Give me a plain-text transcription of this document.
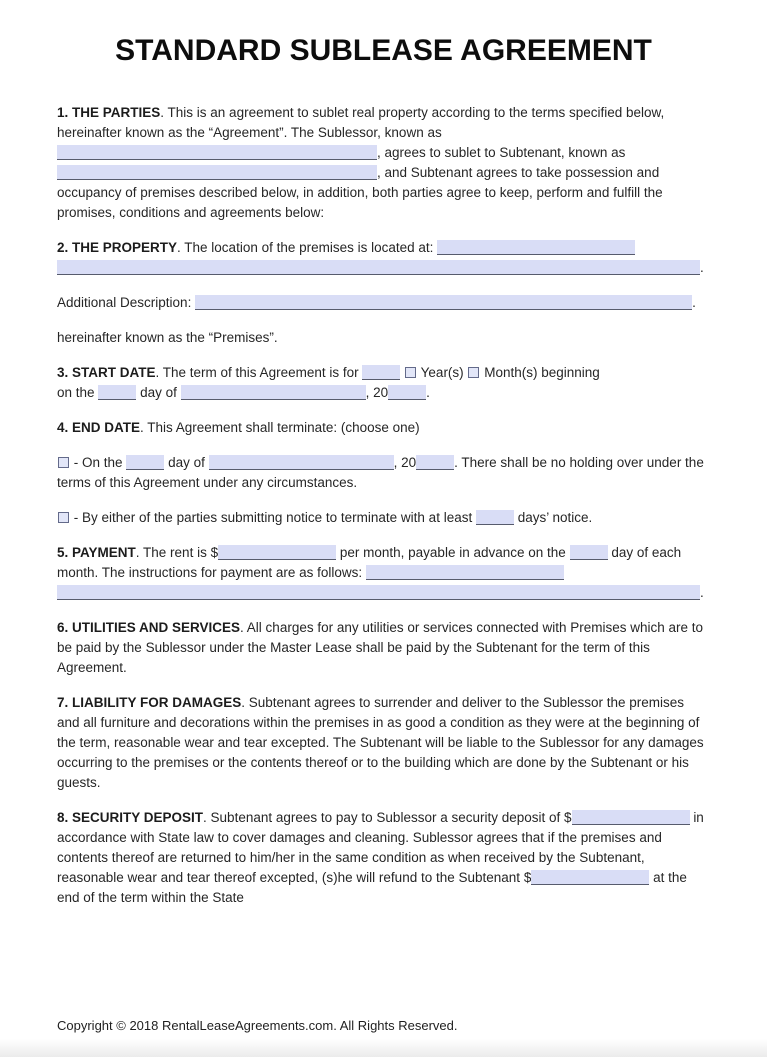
STANDARD SUBLEASE AGREEMENT

1. THE PARTIES. This is an agreement to sublet real property according to the terms specified below, hereinafter known as the “Agreement”. The Sublessor, known as
, agrees to sublet to Subtenant, known as
, and Subtenant agrees to take possession and occupancy of premises described below, in addition, both parties agree to keep, perform and fulfill the promises, conditions and agreements below:

2. THE PROPERTY. The location of the premises is located at:
.

Additional Description:	.

hereinafter known as the “Premises”.

3. START DATE. The term of this Agreement is for	Year(s) Month(s) beginning
on the	day of	, 20	.

4. END DATE. This Agreement shall terminate: (choose one)

- On the	day of	, 20	. There shall be no holding over under the terms of this Agreement under any circumstances.

- By either of the parties submitting notice to terminate with at least	days’ notice.

5. PAYMENT. The rent is $	per month, payable in advance on the	day of each month. The instructions for payment are as follows:
.

6. UTILITIES AND SERVICES. All charges for any utilities or services connected with Premises which are to be paid by the Sublessor under the Master Lease shall be paid by the Subtenant for the term of this Agreement.

7. LIABILITY FOR DAMAGES. Subtenant agrees to surrender and deliver to the Sublessor the premises and all furniture and decorations within the premises in as good a condition as they were at the beginning of the term, reasonable wear and tear excepted. The Subtenant will be liable to the Sublessor for any damages occurring to the premises or the contents thereof or to the building which are done by the Subtenant or his guests.

8. SECURITY DEPOSIT. Subtenant agrees to pay to Sublessor a security deposit of $	in accordance with State law to cover damages and cleaning. Sublessor agrees that if the premises and contents thereof are returned to him/her in the same condition as when received by the Subtenant, reasonable wear and tear thereof excepted, (s)he will refund to the Subtenant $	at the end of the term within the State

Copyright © 2018 RentalLeaseAgreements.com. All Rights Reserved.
